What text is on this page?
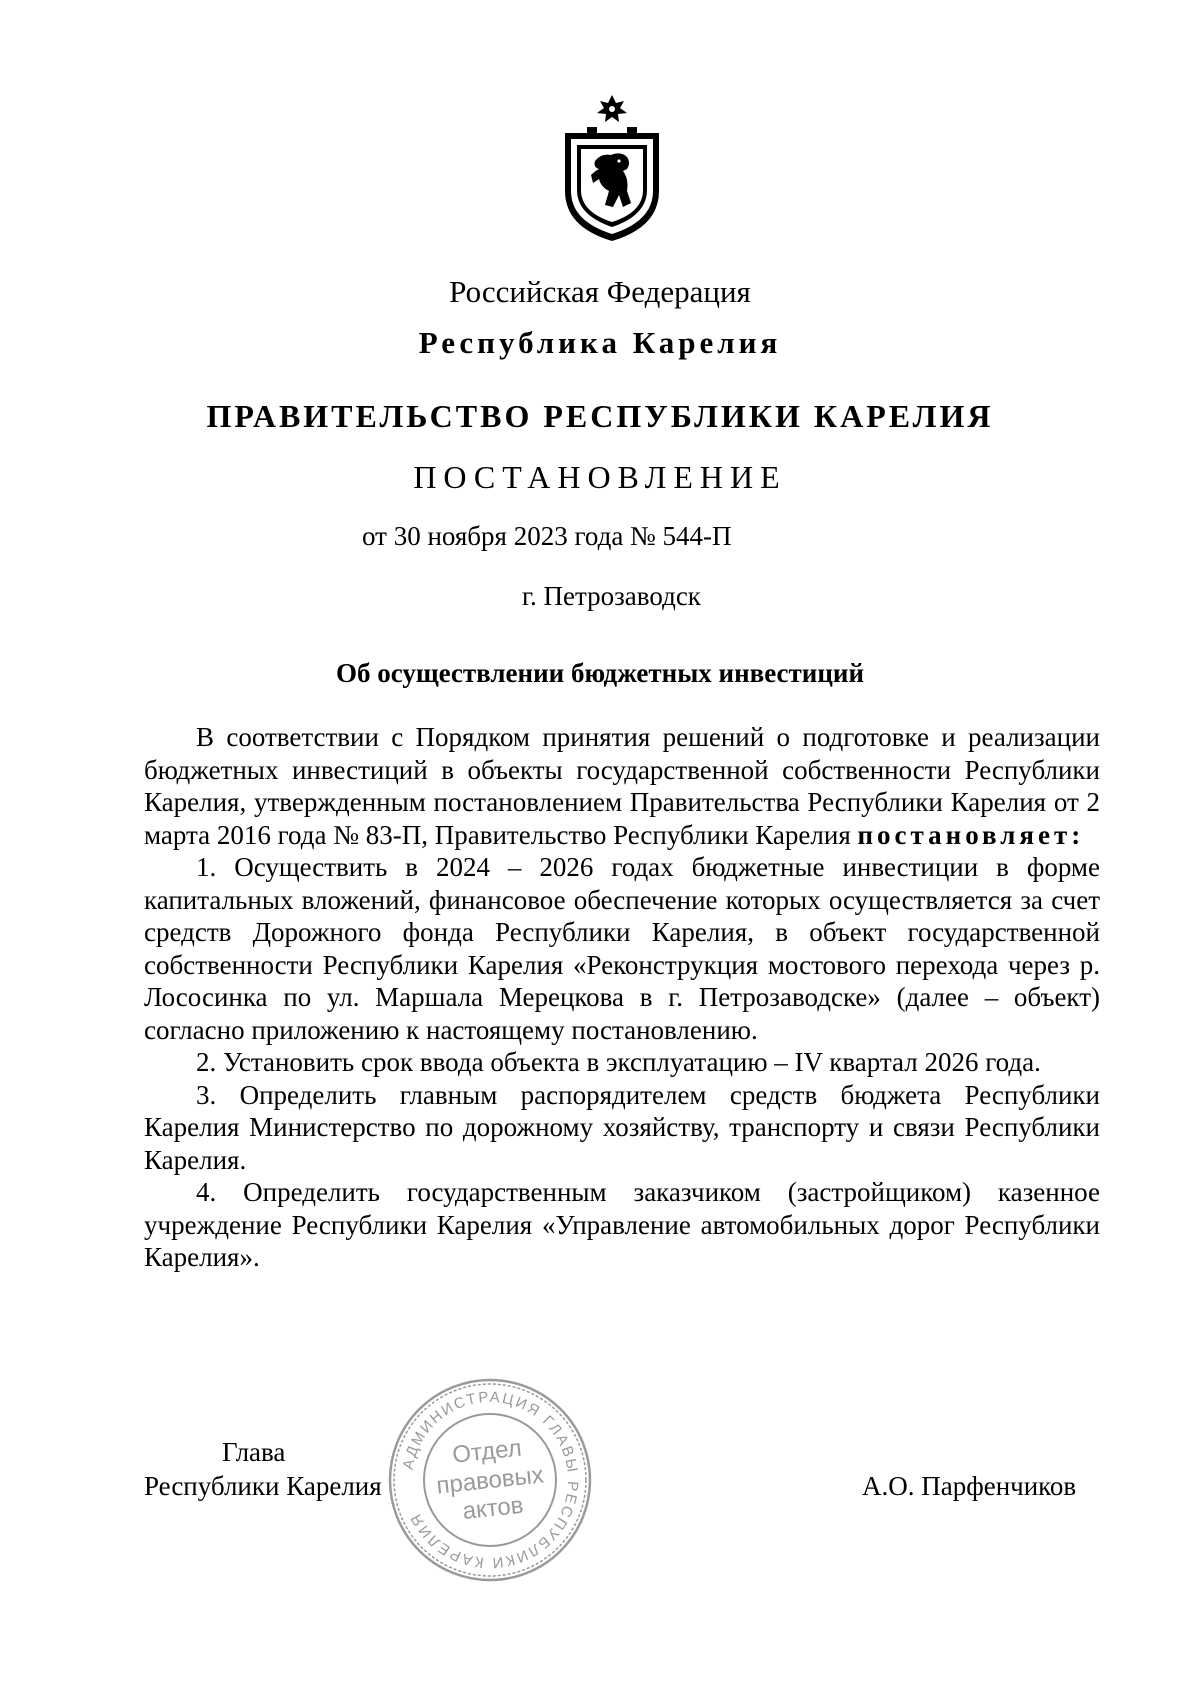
Российская Федерация
Республика Карелия
ПРАВИТЕЛЬСТВО РЕСПУБЛИКИ КАРЕЛИЯ
ПОСТАНОВЛЕНИЕ
от 30 ноября 2023 года № 544-П
г. Петрозаводск
Об осуществлении бюджетных инвестиций

В соответствии с Порядком принятия решений о подготовке и реализации бюджетных инвестиций в объекты государственной собственности Республики Карелия, утвержденным постановлением Правительства Республики Карелия от 2 марта 2016 года № 83-П, Правительство Республики Карелия постановляет:

1. Осуществить в 2024 – 2026 годах бюджетные инвестиции в форме капитальных вложений, финансовое обеспечение которых осуществляется за счет средств Дорожного фонда Республики Карелия, в объект государственной собственности Республики Карелия «Реконструкция мостового перехода через р. Лососинка по ул. Маршала Мерецкова в г. Петрозаводске» (далее – объект) согласно приложению к настоящему постановлению.

2. Установить срок ввода объекта в эксплуатацию – IV квартал 2026 года.

3. Определить главным распорядителем средств бюджета Республики Карелия Министерство по дорожному хозяйству, транспорту и связи Республики Карелия.

4. Определить государственным заказчиком (застройщиком) казенное учреждение Республики Карелия «Управление автомобильных дорог Республики Карелия».

АДМИНИСТРАЦИЯ ГЛАВЫ РЕСПУБЛИКИ КАРЕЛИЯ
Отдел
правовых
актов
Глава
Республики Карелия	А.О. Парфенчиков
